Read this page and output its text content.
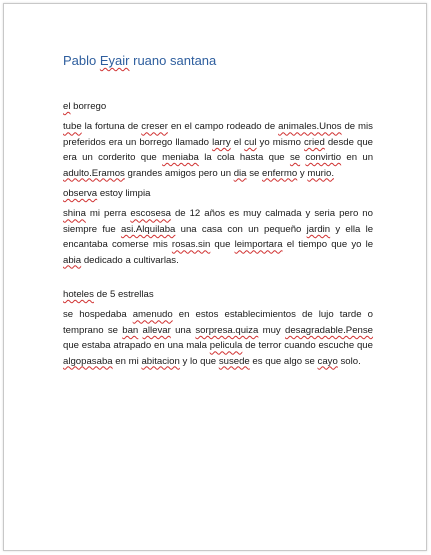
Pablo Eyair ruano santana
el borrego
tube la fortuna de creser en el campo rodeado de animales.Unos de mis preferidos era un borrego llamado larry el cul yo mismo cried desde que era un corderito que meniaba la cola hasta que se convirtio en un adulto.Eramos grandes amigos pero un dia se enfermo y murio.
observa estoy limpia
shina mi perra escosesa de 12 años es muy calmada y seria pero no siempre fue asi.Alquilaba una casa con un pequeño jardin y ella le encantaba comerse mis rosas.sin que leimportara el tiempo que yo le abia dedicado a cultivarlas.
hoteles de 5 estrellas
se hospedaba amenudo en estos establecimientos de lujo tarde o temprano se ban allevar una sorpresa.quiza muy desagradable.Pense que estaba atrapado en una mala pelicula de terror cuando escuche que algopasaba en mi abitacion y lo que susede es que algo se cayo solo.
